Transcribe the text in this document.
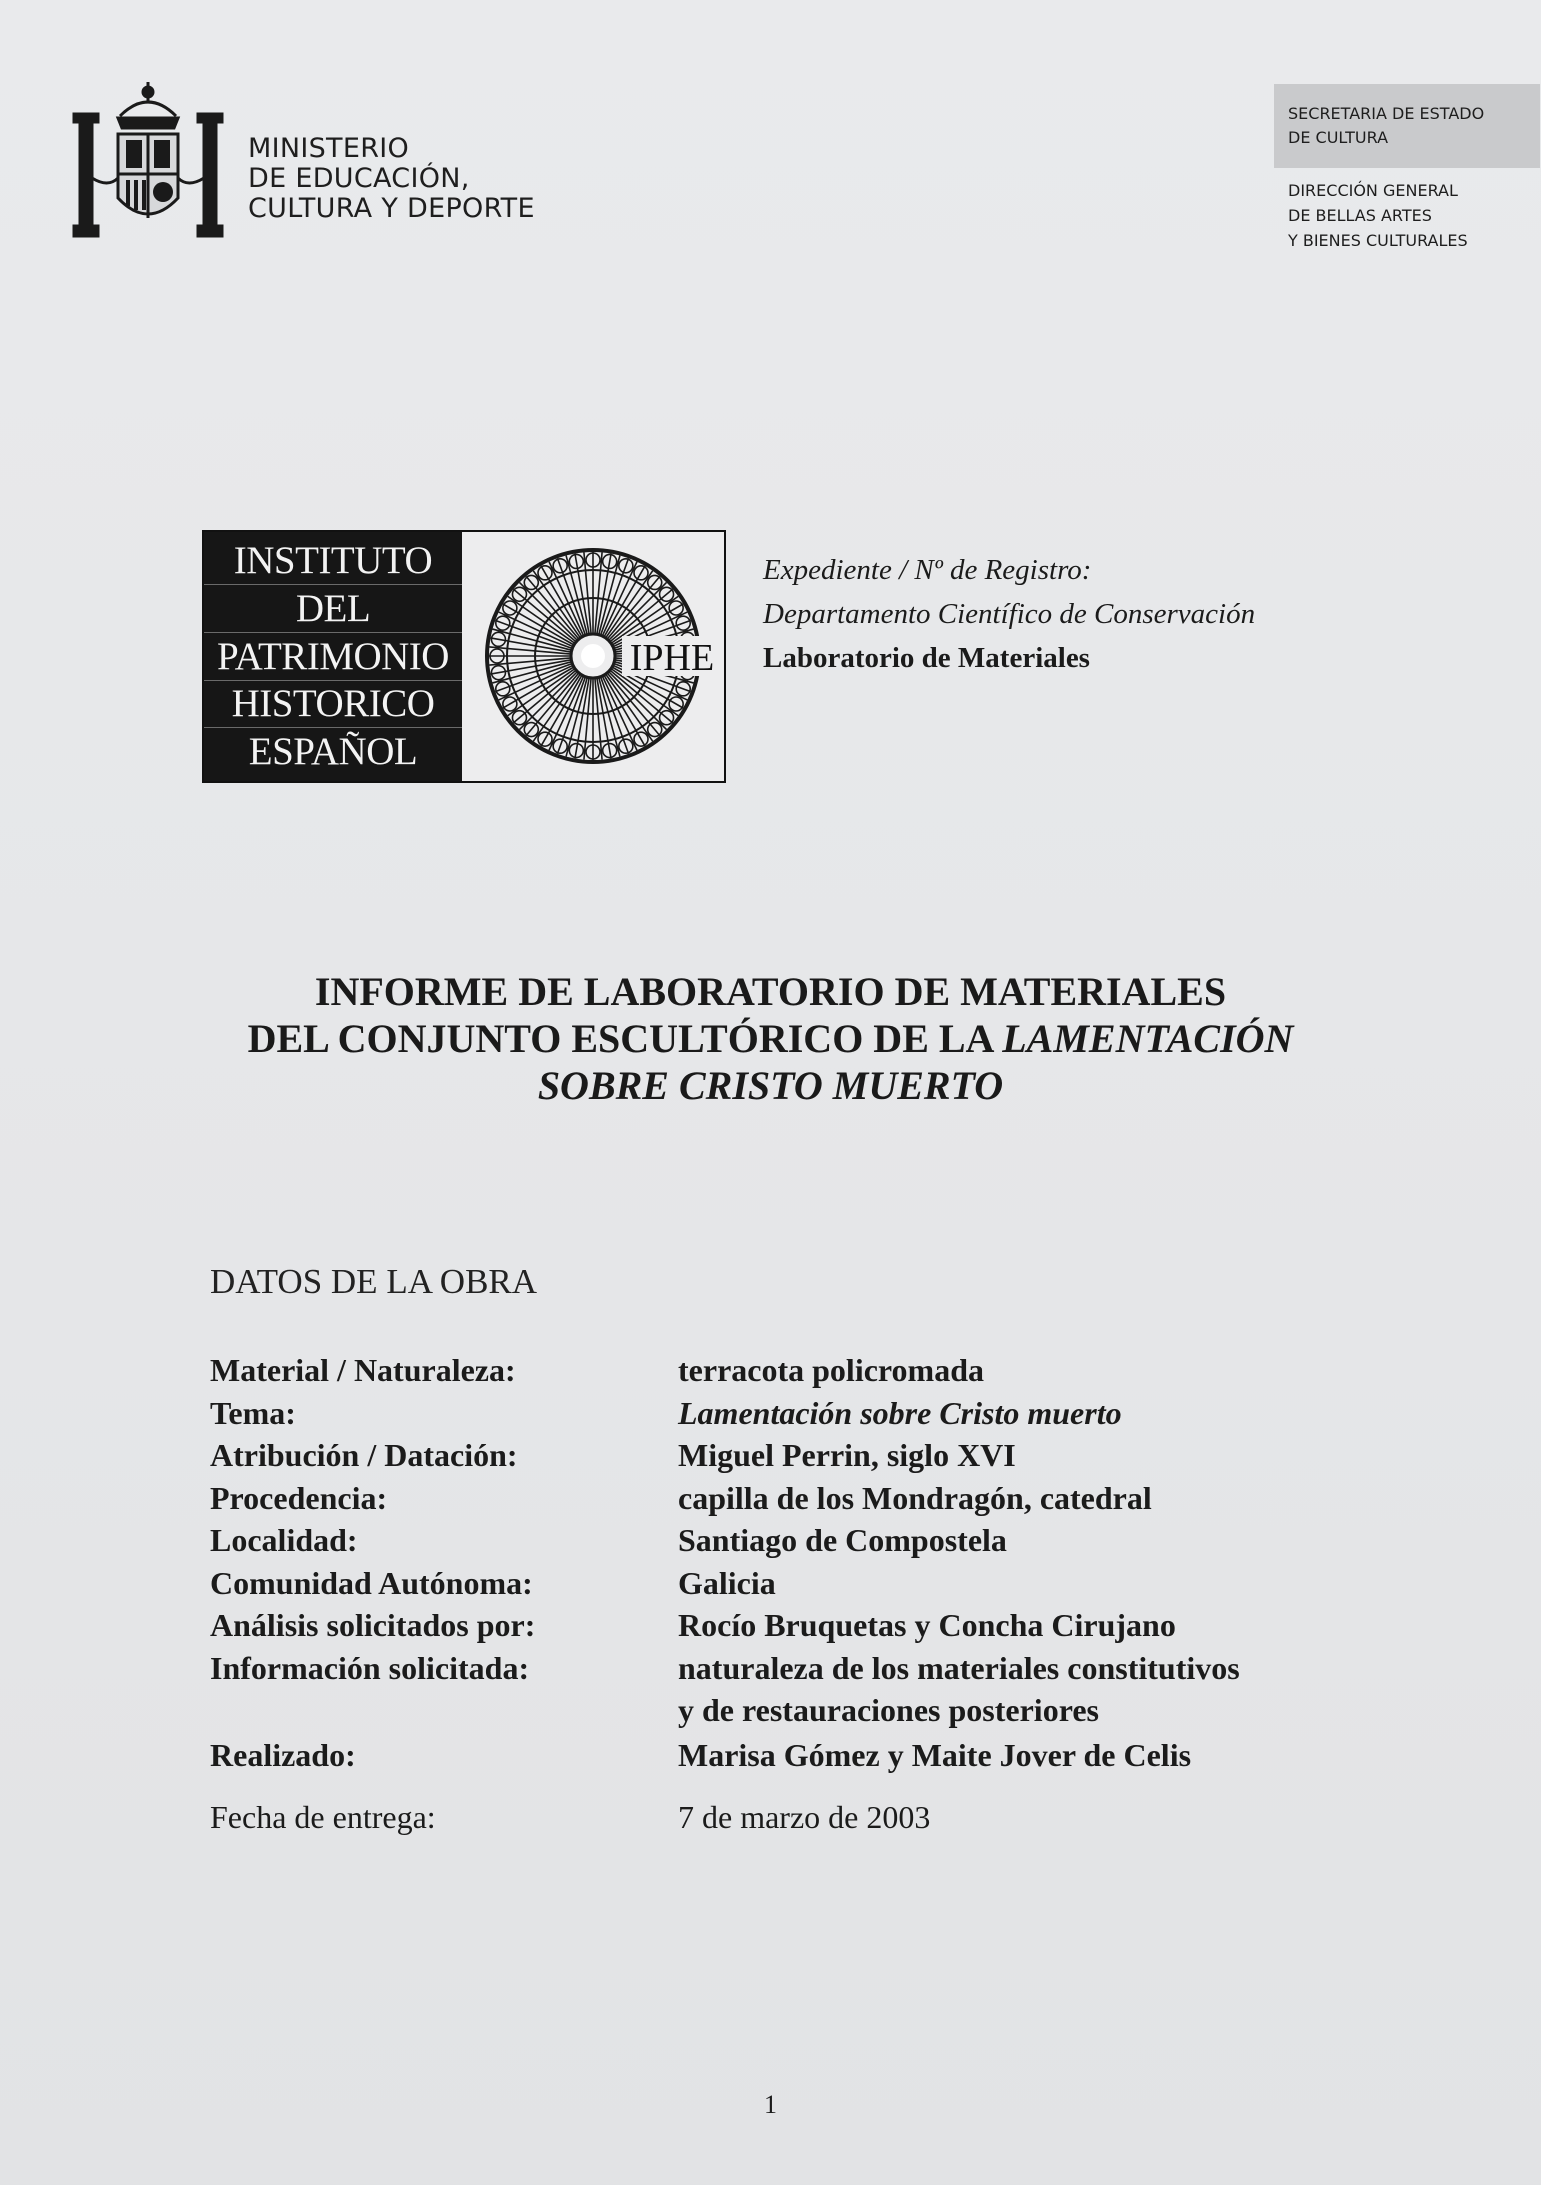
MINISTERIO
DE EDUCACIÓN,
CULTURA Y DEPORTE
SECRETARIA DE ESTADO
DE CULTURA
DIRECCIÓN GENERAL
DE BELLAS ARTES
Y BIENES CULTURALES
INSTITUTO
DEL
PATRIMONIO
HISTORICO
ESPAÑOL
IPHE
Expediente / Nº de Registro:
Departamento Científico de Conservación
Laboratorio de Materiales
INFORME DE LABORATORIO DE MATERIALES
DEL CONJUNTO ESCULTÓRICO DE LA LAMENTACIÓN
SOBRE CRISTO MUERTO
DATOS DE LA OBRA
Material / Naturaleza:	terracota policromada
Tema:	Lamentación sobre Cristo muerto
Atribución / Datación:	Miguel Perrin, siglo XVI
Procedencia:	capilla de los Mondragón, catedral
Localidad:	Santiago de Compostela
Comunidad Autónoma:	Galicia
Análisis solicitados por:	Rocío Bruquetas y Concha Cirujano
Información solicitada:	naturaleza de los materiales constitutivos
y de restauraciones posteriores
Realizado:	Marisa Gómez y Maite Jover de Celis
Fecha de entrega:	7 de marzo de 2003
1
